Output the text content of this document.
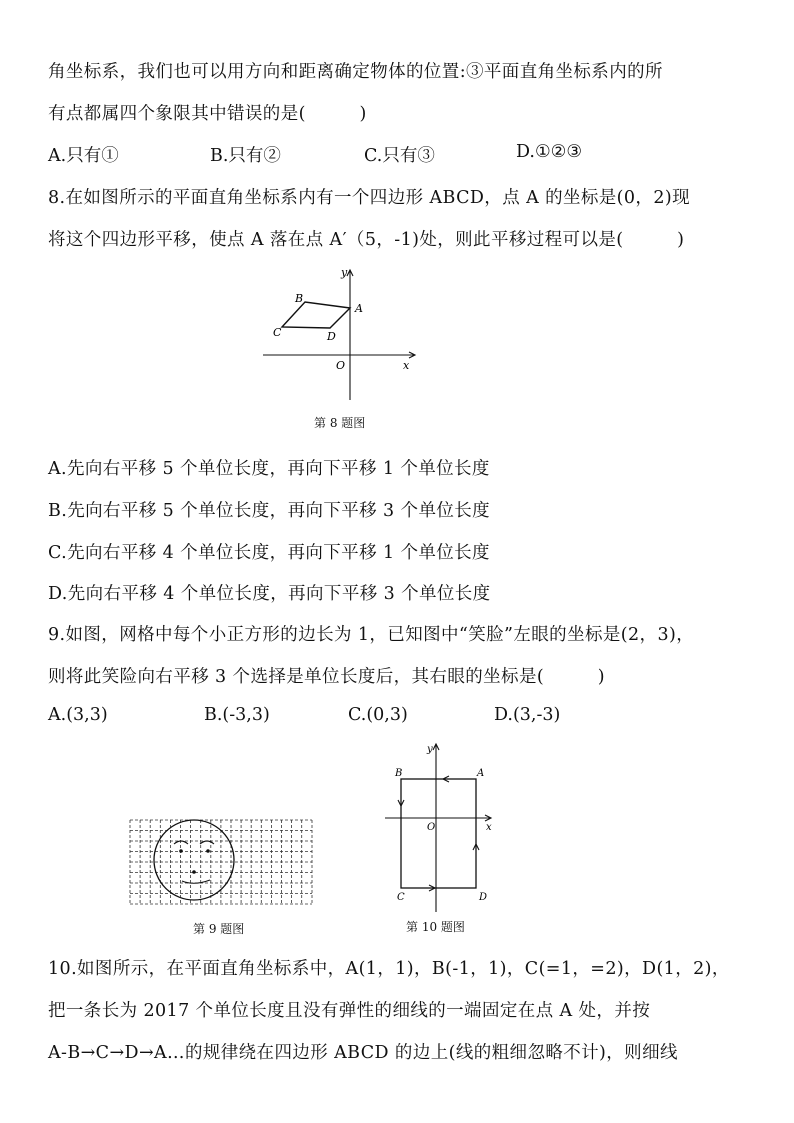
角坐标系，我们也可以用方向和距离确定物体的位置:③平面直角坐标系内的所
有点都属四个象限其中错误的是(　　　)
A.只有①	B.只有②	C.只有③	D.①②③
8.在如图所示的平面直角坐标系内有一个四边形 ABCD，点 A 的坐标是(0，2)现
将这个四边形平移，使点 A 落在点 A′（5，-1)处，则此平移过程可以是(　　　)
y
x
O
A
B
C	D
第 8 题图
A.先向右平移 5 个单位长度，再向下平移 1 个单位长度
B.先向右平移 5 个单位长度，再向下平移 3 个单位长度
C.先向右平移 4 个单位长度，再向下平移 1 个单位长度
D.先向右平移 4 个单位长度，再向下平移 3 个单位长度
9.如图，网格中每个小正方形的边长为 1，已知图中“笑脸”左眼的坐标是(2，3)，
则将此笑险向右平移 3 个选择是单位长度后，其右眼的坐标是(　　　)
A.(3,3)	B.(-3,3)	C.(0,3)	D.(3,-3)
第 9 题图
y
x
O
A
B
C	D
第 10 题图
10.如图所示，在平面直角坐标系中，A(1，1)，B(-1，1)，C(=1，=2)，D(1，2)，
把一条长为 2017 个单位长度且没有弹性的细线的一端固定在点 A 处，并按
A-B→C→D→A…的规律绕在四边形 ABCD 的边上(线的粗细忽略不计)，则细线
